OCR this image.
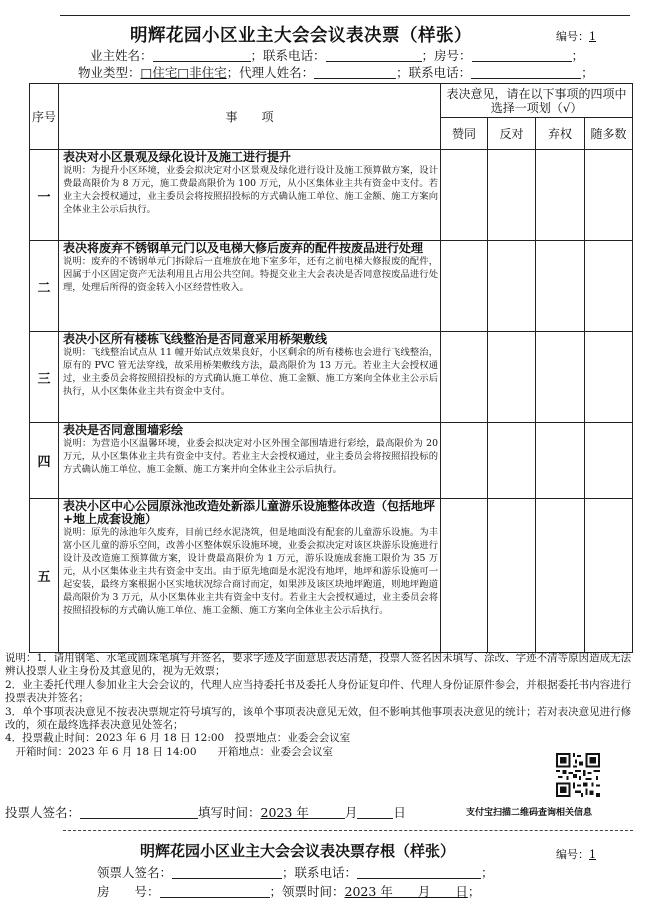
明辉花园小区业主大会会议表决票（样张）	编号：1
业主姓名：	；联系电话：	；房号：	；
物业类型：□住宅□非住宅；代理人姓名：	；联系电话：	；
序号	事　　项	表决意见，请在以下事项的四项中选择一项划（√）			
		赞同	反对	弃权	随多数
一	表决对小区景观及绿化设计及施工进行提升
说明：为提升小区环境，业委会拟决定对小区景观及绿化进行设计及施工预算做方案，设计费最高限价为 8 万元，施工费最高限价为 100 万元，从小区集体业主共有资金中支付。若业主大会授权通过，业主委员会将按照招投标的方式确认施工单位、施工金额、施工方案向全体业主公示后执行。				

二	表决将废弃不锈钢单元门以及电梯大修后废弃的配件按废品进行处理
说明：废弃的不锈钢单元门拆除后一直堆放在地下室多年，还有之前电梯大修报废的配件，因属于小区固定资产无法利用且占用公共空间。特提交业主大会表决是否同意按废品进行处理，处理后所得的资金转入小区经营性收入。				

三	表决小区所有楼栋飞线整治是否同意采用桥架敷线
说明：飞线整治试点从 11 幢开始试点效果良好，小区剩余的所有楼栋也会进行飞线整治，原有的 PVC 管无法穿线，故采用桥架敷线方法，最高限价为 13 万元。若业主大会授权通过，业主委员会将按照招投标的方式确认施工单位、施工金额、施工方案向全体业主公示后执行，从小区集体业主共有资金中支付。				

四	表决是否同意围墙彩绘
说明：为营造小区温馨环境，业委会拟决定对小区外围全部围墙进行彩绘，最高限价为 20 万元，从小区集体业主共有资金中支付。若业主大会授权通过，业主委员会将按照招投标的方式确认施工单位、施工金额、施工方案并向全体业主公示后执行。				

五	表决小区中心公园原泳池改造处新添儿童游乐设施整体改造（包括地坪+地上成套设施）
说明：原先的泳池年久废弃，目前已经水泥浇筑，但是地面没有配套的儿童游乐设施。为丰富小区儿童的游乐空间，改善小区整体娱乐设施环境，业委会拟决定对该区块游乐设施进行设计及改造施工预算做方案，设计费最高限价为 1 万元，游乐设施成套施工限价为 35 万元，从小区集体业主共有资金中支出。由于原先地面是水泥没有地坪，地坪和游乐设施可一起安装，最终方案根据小区实地状况综合商讨而定，如果涉及该区块地坪跑道，则地坪跑道最高限价为 3 万元，从小区集体业主共有资金中支付。若业主大会授权通过，业主委员会将按照招投标的方式确认施工单位、施工金额、施工方案向全体业主公示后执行。				

说明：1．请用钢笔、水笔或圆珠笔填写并签名，要求字迹及字面意思表达清楚，投票人签名因未填写、涂改、字迹不清等原因造成无法辨认投票人业主身份及其意见的，视为无效票；

2．业主委托代理人参加业主大会会议的，代理人应当持委托书及委托人身份证复印件、代理人身份证原件参会，并根据委托书内容进行投票表决并签名；

3．单个事项表决意见不按表决票规定符号填写的，该单个事项表决意见无效，但不影响其他事项表决意见的统计；若对表决意见进行修改的，须在最终选择表决意见处签名；

4．投票截止时间：2023 年 6 月 18 日 12:00　投票地点：业委会会议室

　开箱时间：2023 年 6 月 18 日 14:00　　开箱地点：业委会会议室

投票人签名：	填写时间：2023 年	月	日	支付宝扫描二维码查询相关信息
明辉花园小区业主大会会议表决票存根（样张）	编号：1
领票人签名：	；联系电话：	；
房　　号：	；领票时间：2023 年　　月　　日；
